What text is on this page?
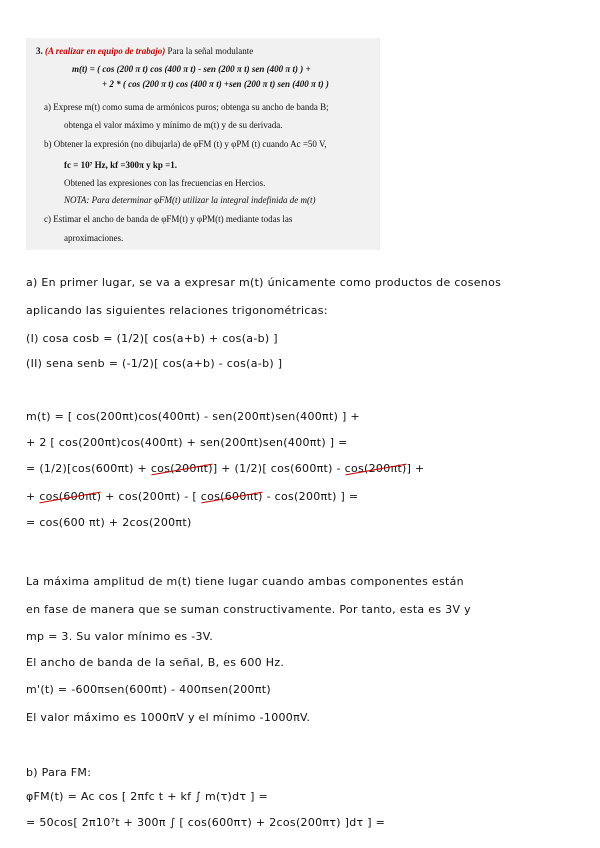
3. (A realizar en equipo de trabajo) Para la señal modulante
m(t) = ( cos (200 π t) cos (400 π t) - sen (200 π t) sen (400 π t) ) +
+ 2 * ( cos (200 π t) cos (400 π t) +sen (200 π t) sen (400 π t) )
a) Exprese m(t) como suma de armónicos puros; obtenga su ancho de banda B;
obtenga el valor máximo y mínimo de m(t) y de su derivada.
b) Obtener la expresión (no dibujarla) de φFM (t) y φPM (t) cuando Ac =50 V,
fc = 10⁷ Hz, kf =300π y kp =1.
Obtened las expresiones con las frecuencias en Hercios.
NOTA: Para determinar φFM(t) utilizar la integral indefinida de m(t)
c) Estimar el ancho de banda de φFM(t) y φPM(t) mediante todas las
aproximaciones.
a) En primer lugar, se va a expresar m(t) únicamente como productos de cosenos
aplicando las siguientes relaciones trigonométricas:
(I) cosa cosb = (1/2)[ cos(a+b) + cos(a-b) ]
(II) sena senb = (-1/2)[ cos(a+b) - cos(a-b) ]
m(t) = [ cos(200πt)cos(400πt) - sen(200πt)sen(400πt) ] +
+ 2 [ cos(200πt)cos(400πt) + sen(200πt)sen(400πt) ] =
= (1/2)[cos(600πt) + cos(200πt)] + (1/2)[ cos(600πt) - cos(200πt)] +
+ cos(600πt) + cos(200πt) - [ cos(600πt) - cos(200πt) ] =
= cos(600 πt) + 2cos(200πt)
La máxima amplitud de m(t) tiene lugar cuando ambas componentes están
en fase de manera que se suman constructivamente. Por tanto, esta es 3V y
mp = 3. Su valor mínimo es -3V.
El ancho de banda de la señal, B, es 600 Hz.
m'(t) = -600πsen(600πt) - 400πsen(200πt)
El valor máximo es 1000πV y el mínimo -1000πV.
b) Para FM:
φFM(t) = Ac cos [ 2πfc t + kf ∫ m(τ)dτ ] =
= 50cos[ 2π10⁷t + 300π ∫ [ cos(600πτ) + 2cos(200πτ) ]dτ ] =
